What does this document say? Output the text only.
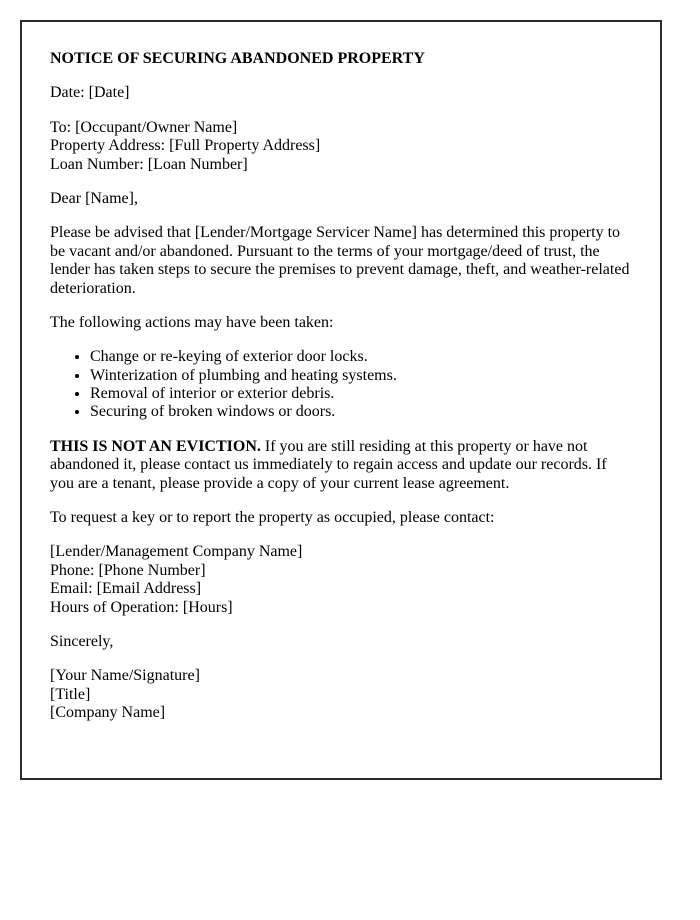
NOTICE OF SECURING ABANDONED PROPERTY

Date: [Date]

To: [Occupant/Owner Name]
Property Address: [Full Property Address]
Loan Number: [Loan Number]

Dear [Name],

Please be advised that [Lender/Mortgage Servicer Name] has determined this property to be vacant and/or abandoned. Pursuant to the terms of your mortgage/deed of trust, the lender has taken steps to secure the premises to prevent damage, theft, and weather-related deterioration.

The following actions may have been taken:

• Change or re-keying of exterior door locks.
• Winterization of plumbing and heating systems.
• Removal of interior or exterior debris.
• Securing of broken windows or doors.

THIS IS NOT AN EVICTION. If you are still residing at this property or have not abandoned it, please contact us immediately to regain access and update our records. If you are a tenant, please provide a copy of your current lease agreement.

To request a key or to report the property as occupied, please contact:

[Lender/Management Company Name]
Phone: [Phone Number]
Email: [Email Address]
Hours of Operation: [Hours]

Sincerely,

[Your Name/Signature]
[Title]
[Company Name]
